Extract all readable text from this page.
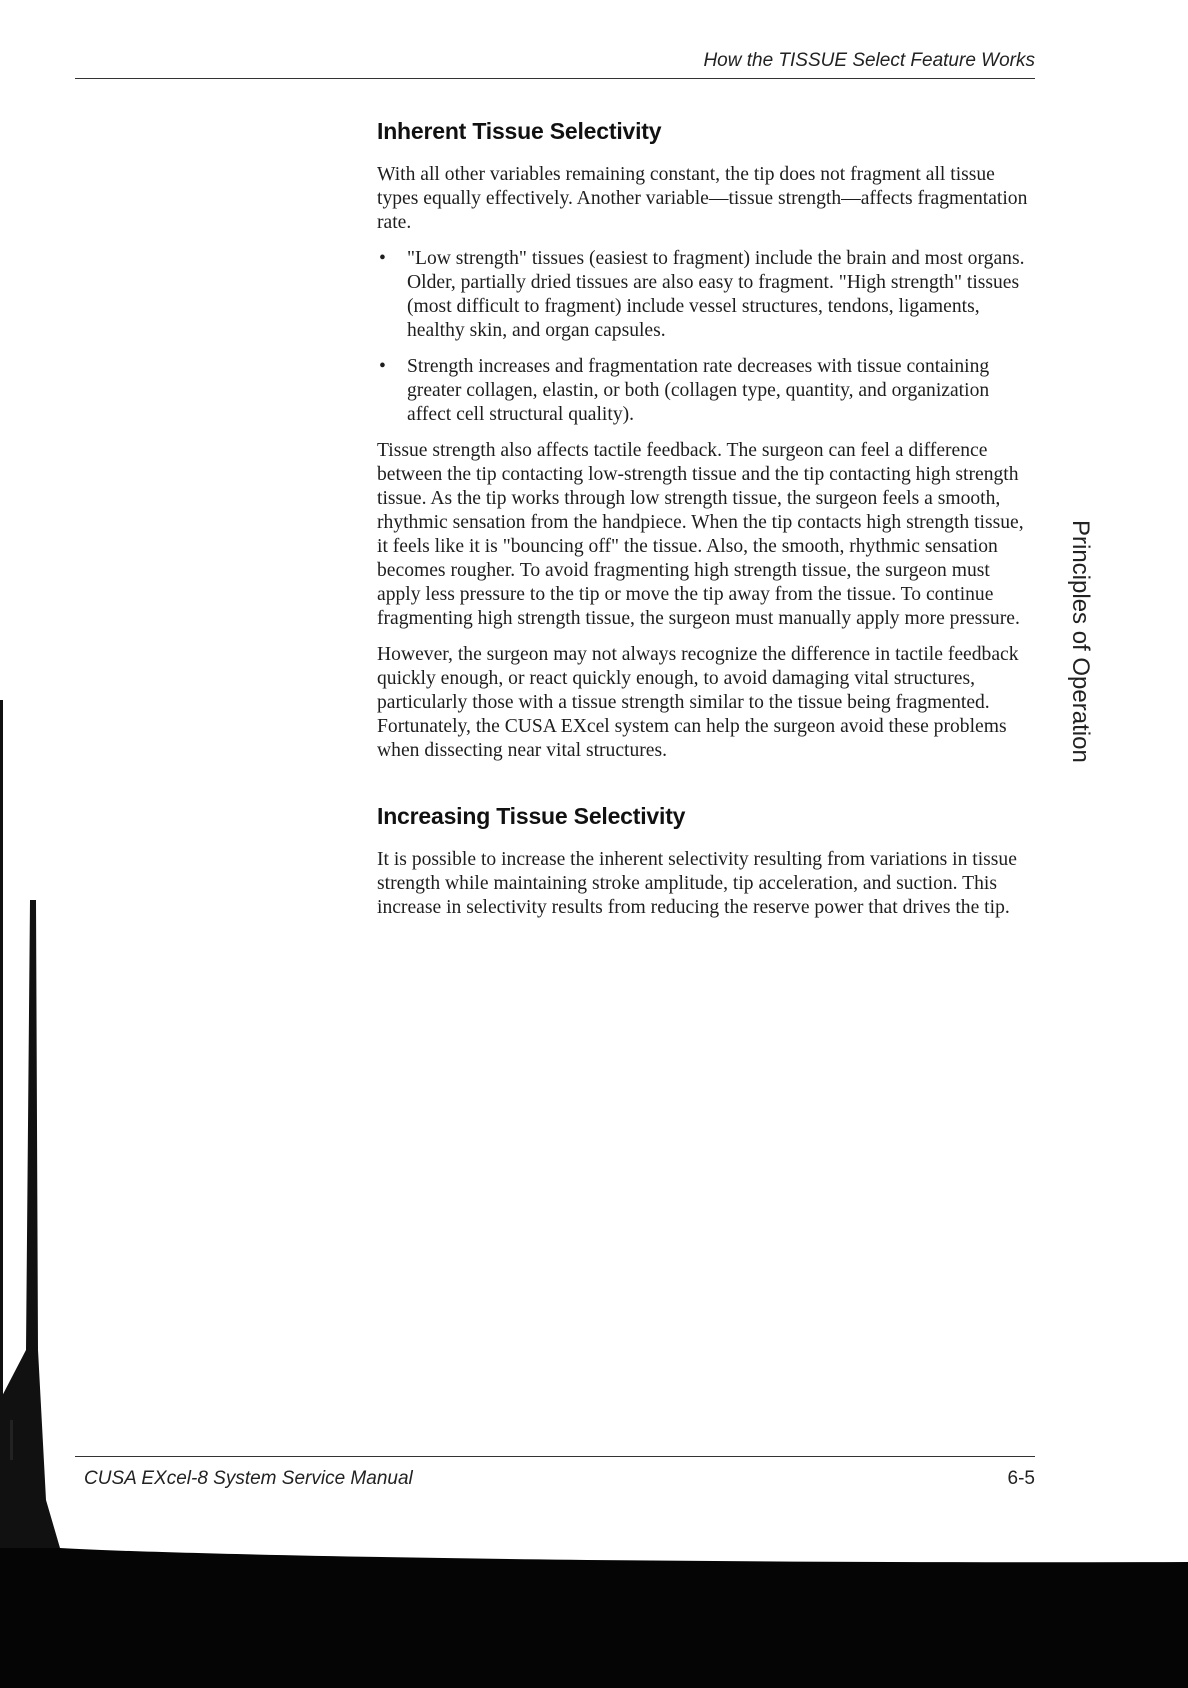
How the TISSUE Select Feature Works
Inherent Tissue Selectivity

With all other variables remaining constant, the tip does not fragment all tissue types equally effectively. Another variable—tissue strength—affects fragmentation rate.

• "Low strength" tissues (easiest to fragment) include the brain and most organs. Older, partially dried tissues are also easy to fragment. "High strength" tissues (most difficult to fragment) include vessel structures, tendons, ligaments, healthy skin, and organ capsules.
• Strength increases and fragmentation rate decreases with tissue containing greater collagen, elastin, or both (collagen type, quantity, and organization affect cell structural quality).

Tissue strength also affects tactile feedback. The surgeon can feel a difference between the tip contacting low-strength tissue and the tip contacting high strength tissue. As the tip works through low strength tissue, the surgeon feels a smooth, rhythmic sensation from the handpiece. When the tip contacts high strength tissue, it feels like it is "bouncing off" the tissue. Also, the smooth, rhythmic sensation becomes rougher. To avoid fragmenting high strength tissue, the surgeon must apply less pressure to the tip or move the tip away from the tissue. To continue fragmenting high strength tissue, the surgeon must manually apply more pressure.

However, the surgeon may not always recognize the difference in tactile feedback quickly enough, or react quickly enough, to avoid damaging vital structures, particularly those with a tissue strength similar to the tissue being fragmented. Fortunately, the CUSA EXcel system can help the surgeon avoid these problems when dissecting near vital structures.

Increasing Tissue Selectivity

It is possible to increase the inherent selectivity resulting from variations in tissue strength while maintaining stroke amplitude, tip acceleration, and suction. This increase in selectivity results from reducing the reserve power that drives the tip.

Principles of Operation
CUSA EXcel-8 System Service Manual	6-5
